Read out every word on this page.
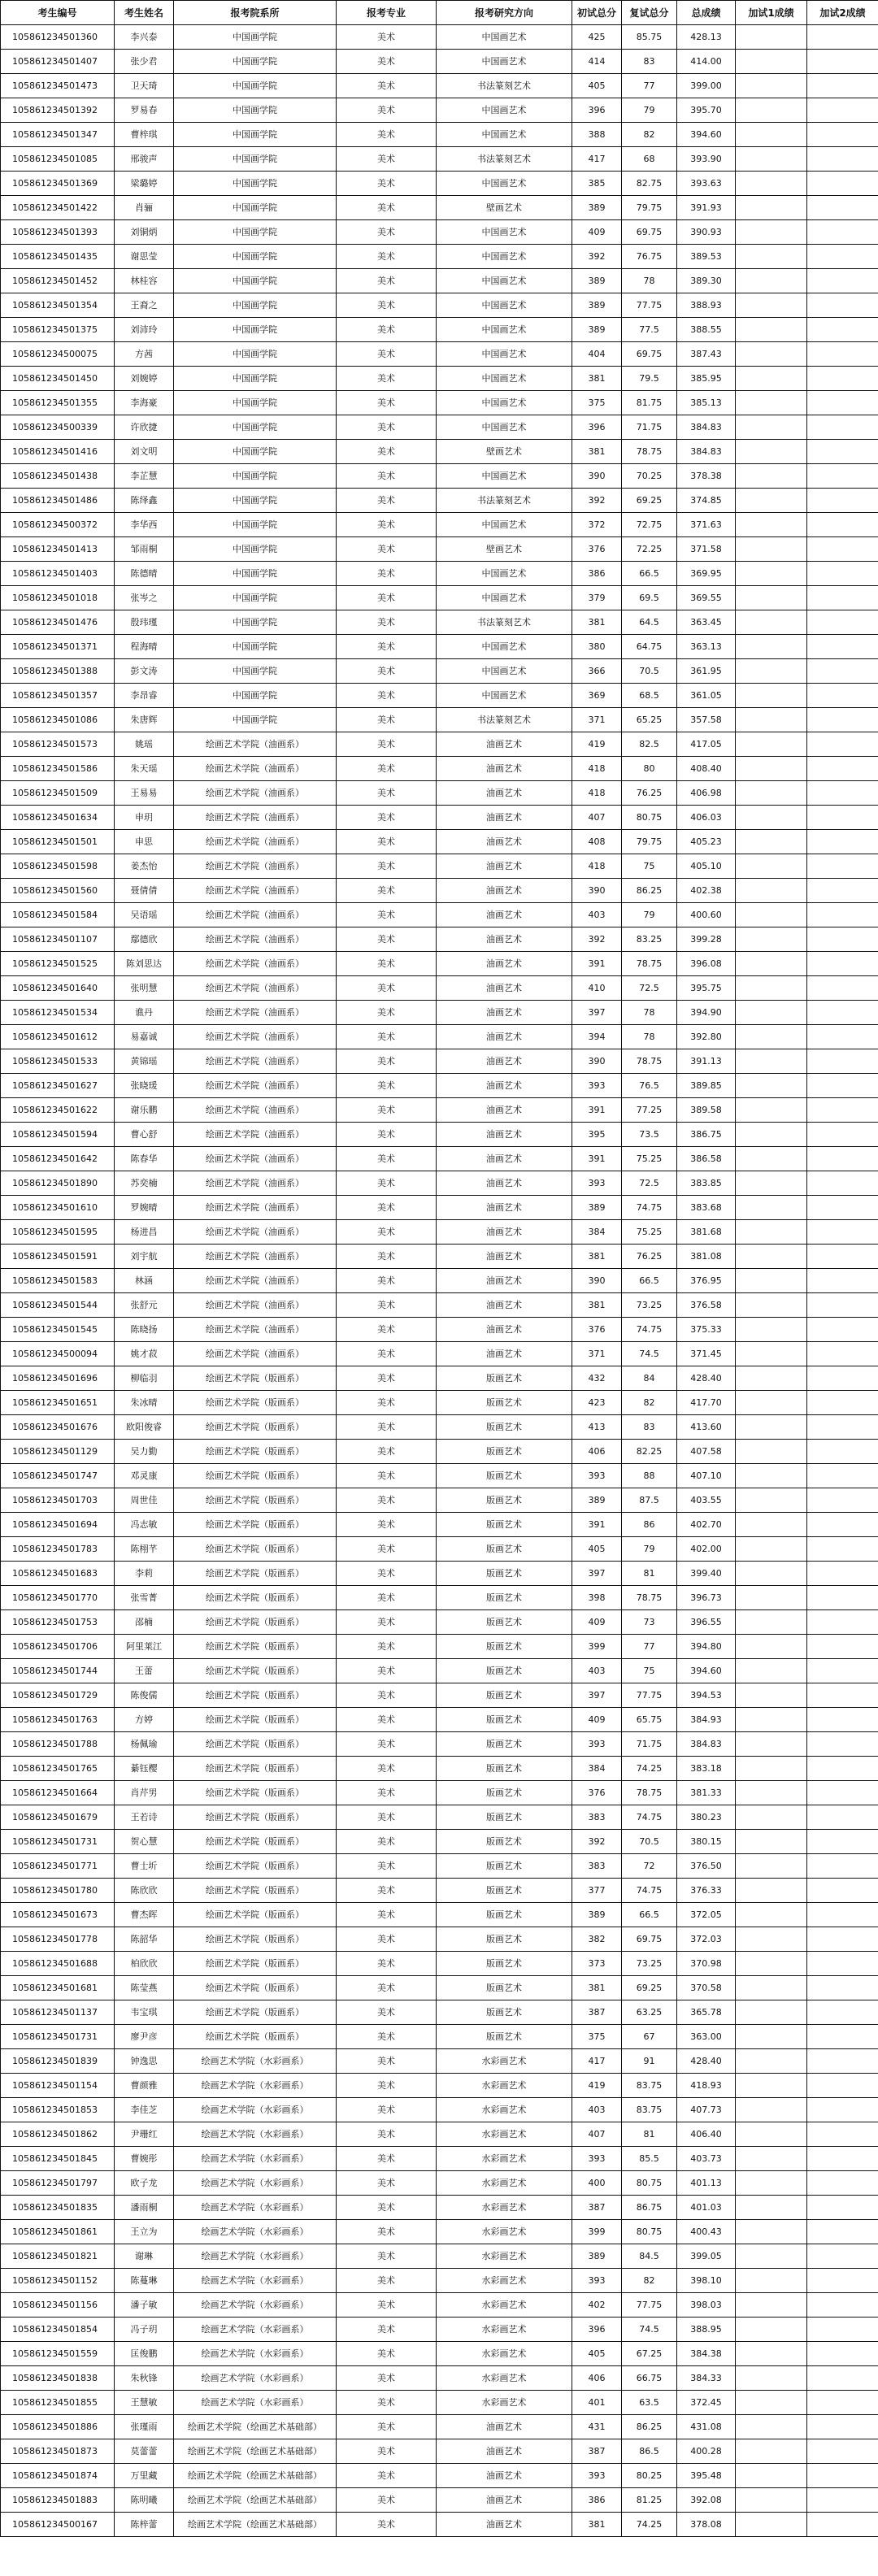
考生编号	考生姓名	报考院系所	报考专业	报考研究方向	初试总分	复试总分	总成绩	加试1成绩	加试2成绩
10586123450136​0	李兴泰	中国画学院	美术	中国画艺术	425	85.75	428.13		
105861234501407	张少君	中国画学院	美术	中国画艺术	414	83	414.00		
105861234501473	卫天琦	中国画学院	美术	书法篆刻艺术	405	77	399.00		
105861234501392	罗易春	中国画学院	美术	中国画艺术	396	79	395.70		
105861234501347	曹梓琪	中国画学院	美术	中国画艺术	388	82	394.60		
105861234501085	邢骏声	中国画学院	美术	书法篆刻艺术	417	68	393.90		
105861234501369	梁璐婷	中国画学院	美术	中国画艺术	385	82.75	393.63		
105861234501422	肖骊	中国画学院	美术	壁画艺术	389	79.75	391.93		
105861234501393	刘铜炳	中国画学院	美术	中国画艺术	409	69.75	390.93		
105861234501435	谢思莹	中国画学院	美术	中国画艺术	392	76.75	389.53		
105861234501452	林桂容	中国画学院	美术	中国画艺术	389	78	389.30		
105861234501354	王裔之	中国画学院	美术	中国画艺术	389	77.75	388.93		
105861234501375	刘沛玲	中国画学院	美术	中国画艺术	389	77.5	388.55		
105861234500075	方茜	中国画学院	美术	中国画艺术	404	69.75	387.43		
105861234501450	刘婉婷	中国画学院	美术	中国画艺术	381	79.5	385.95		
105861234501355	李海豪	中国画学院	美术	中国画艺术	375	81.75	385.13		
105861234500339	许欣捷	中国画学院	美术	中国画艺术	396	71.75	384.83		
105861234501416	刘文明	中国画学院	美术	壁画艺术	381	78.75	384.83		
105861234501438	李芷慧	中国画学院	美术	中国画艺术	390	70.25	378.38		
105861234501486	陈绎鑫	中国画学院	美术	书法篆刻艺术	392	69.25	374.85		
105861234500372	李华西	中国画学院	美术	中国画艺术	372	72.75	371.63		
105861234501413	邹雨桐	中国画学院	美术	壁画艺术	376	72.25	371.58		
105861234501403	陈德晴	中国画学院	美术	中国画艺术	386	66.5	369.95		
105861234501018	张岑之	中国画学院	美术	中国画艺术	379	69.5	369.55		
105861234501476	殷玮瑾	中国画学院	美术	书法篆刻艺术	381	64.5	363.45		
105861234501371	程海晴	中国画学院	美术	中国画艺术	380	64.75	363.13		
105861234501388	彭文涛	中国画学院	美术	中国画艺术	366	70.5	361.95		
105861234501357	李昂睿	中国画学院	美术	中国画艺术	369	68.5	361.05		
105861234501086	朱唐辉	中国画学院	美术	书法篆刻艺术	371	65.25	357.58		
105861234501573	姚瑶	绘画艺术学院（油画系）	美术	油画艺术	419	82.5	417.05		
105861234501586	朱天瑶	绘画艺术学院（油画系）	美术	油画艺术	418	80	408.40		
105861234501509	王易易	绘画艺术学院（油画系）	美术	油画艺术	418	76.25	406.98		
105861234501634	申玥	绘画艺术学院（油画系）	美术	油画艺术	407	80.75	406.03		
105861234501501	申思	绘画艺术学院（油画系）	美术	油画艺术	408	79.75	405.23		
105861234501598	姜杰怡	绘画艺术学院（油画系）	美术	油画艺术	418	75	405.10		
105861234501560	聂倩倩	绘画艺术学院（油画系）	美术	油画艺术	390	86.25	402.38		
105861234501584	吴语瑶	绘画艺术学院（油画系）	美术	油画艺术	403	79	400.60		
105861234501107	鄢德欣	绘画艺术学院（油画系）	美术	油画艺术	392	83.25	399.28		
105861234501525	陈刘思达	绘画艺术学院（油画系）	美术	油画艺术	391	78.75	396.08		
105861234501640	张明慧	绘画艺术学院（油画系）	美术	油画艺术	410	72.5	395.75		
105861234501534	谯丹	绘画艺术学院（油画系）	美术	油画艺术	397	78	394.90		
105861234501612	易嘉诚	绘画艺术学院（油画系）	美术	油画艺术	394	78	392.80		
105861234501533	黄锦瑶	绘画艺术学院（油画系）	美术	油画艺术	390	78.75	391.13		
105861234501627	张晓瑗	绘画艺术学院（油画系）	美术	油画艺术	393	76.5	389.85		
105861234501622	谢乐鹏	绘画艺术学院（油画系）	美术	油画艺术	391	77.25	389.58		
105861234501594	曹心舒	绘画艺术学院（油画系）	美术	油画艺术	395	73.5	386.75		
105861234501642	陈春华	绘画艺术学院（油画系）	美术	油画艺术	391	75.25	386.58		
105861234501890	苏奕楠	绘画艺术学院（油画系）	美术	油画艺术	393	72.5	383.85		
105861234501610	罗婉晴	绘画艺术学院（油画系）	美术	油画艺术	389	74.75	383.68		
105861234501595	杨进昌	绘画艺术学院（油画系）	美术	油画艺术	384	75.25	381.68		
105861234501591	刘宇航	绘画艺术学院（油画系）	美术	油画艺术	381	76.25	381.08		
105861234501583	林涵	绘画艺术学院（油画系）	美术	油画艺术	390	66.5	376.95		
105861234501544	张舒元	绘画艺术学院（油画系）	美术	油画艺术	381	73.25	376.58		
105861234501545	陈晓扬	绘画艺术学院（油画系）	美术	油画艺术	376	74.75	375.33		
105861234500094	姚才菽	绘画艺术学院（油画系）	美术	油画艺术	371	74.5	371.45		
105861234501696	柳临羽	绘画艺术学院（版画系）	美术	版画艺术	432	84	428.40		
105861234501651	朱冰晴	绘画艺术学院（版画系）	美术	版画艺术	423	82	417.70		
105861234501676	欧阳俊睿	绘画艺术学院（版画系）	美术	版画艺术	413	83	413.60		
105861234501129	吴力勤	绘画艺术学院（版画系）	美术	版画艺术	406	82.25	407.58		
105861234501747	邓灵康	绘画艺术学院（版画系）	美术	版画艺术	393	88	407.10		
105861234501703	周世佳	绘画艺术学院（版画系）	美术	版画艺术	389	87.5	403.55		
105861234501694	冯志敏	绘画艺术学院（版画系）	美术	版画艺术	391	86	402.70		
105861234501783	陈栩芊	绘画艺术学院（版画系）	美术	版画艺术	405	79	402.00		
105861234501683	李莉	绘画艺术学院（版画系）	美术	版画艺术	397	81	399.40		
105861234501770	张雪菁	绘画艺术学院（版画系）	美术	版画艺术	398	78.75	396.73		
105861234501753	邵楠	绘画艺术学院（版画系）	美术	版画艺术	409	73	396.55		
105861234501706	阿里莱江	绘画艺术学院（版画系）	美术	版画艺术	399	77	394.80		
105861234501744	王蕾	绘画艺术学院（版画系）	美术	版画艺术	403	75	394.60		
105861234501729	陈俊儒	绘画艺术学院（版画系）	美术	版画艺术	397	77.75	394.53		
105861234501763	方婷	绘画艺术学院（版画系）	美术	版画艺术	409	65.75	384.93		
105861234501788	杨佩瑜	绘画艺术学院（版画系）	美术	版画艺术	393	71.75	384.83		
105861234501765	綦钰樱	绘画艺术学院（版画系）	美术	版画艺术	384	74.25	383.18		
105861234501664	肖芹男	绘画艺术学院（版画系）	美术	版画艺术	376	78.75	381.33		
105861234501679	王若诗	绘画艺术学院（版画系）	美术	版画艺术	383	74.75	380.23		
105861234501731	贺心慧	绘画艺术学院（版画系）	美术	版画艺术	392	70.5	380.15		
105861234501771	曹士圻	绘画艺术学院（版画系）	美术	版画艺术	383	72	376.50		
105861234501780	陈欣欣	绘画艺术学院（版画系）	美术	版画艺术	377	74.75	376.33		
105861234501673	曹杰晖	绘画艺术学院（版画系）	美术	版画艺术	389	66.5	372.05		
105861234501778	陈韶华	绘画艺术学院（版画系）	美术	版画艺术	382	69.75	372.03		
105861234501688	柏欣欣	绘画艺术学院（版画系）	美术	版画艺术	373	73.25	370.98		
105861234501681	陈莹燕	绘画艺术学院（版画系）	美术	版画艺术	381	69.25	370.58		
105861234501137	韦宝琪	绘画艺术学院（版画系）	美术	版画艺术	387	63.25	365.78		
105861234501731	廖尹彦	绘画艺术学院（版画系）	美术	版画艺术	375	67	363.00		
105861234501839	钟逸思	绘画艺术学院（水彩画系）	美术	水彩画艺术	417	91	428.40		
105861234501154	曹颜雅	绘画艺术学院（水彩画系）	美术	水彩画艺术	419	83.75	418.93		
105861234501853	李佳芝	绘画艺术学院（水彩画系）	美术	水彩画艺术	403	83.75	407.73		
105861234501862	尹珊红	绘画艺术学院（水彩画系）	美术	水彩画艺术	407	81	406.40		
105861234501845	曹婉彤	绘画艺术学院（水彩画系）	美术	水彩画艺术	393	85.5	403.73		
105861234501797	欧子龙	绘画艺术学院（水彩画系）	美术	水彩画艺术	400	80.75	401.13		
105861234501835	潘雨桐	绘画艺术学院（水彩画系）	美术	水彩画艺术	387	86.75	401.03		
105861234501861	王立为	绘画艺术学院（水彩画系）	美术	水彩画艺术	399	80.75	400.43		
105861234501821	谢琳	绘画艺术学院（水彩画系）	美术	水彩画艺术	389	84.5	399.05		
105861234501152	陈蔓琳	绘画艺术学院（水彩画系）	美术	水彩画艺术	393	82	398.10		
105861234501156	潘子敏	绘画艺术学院（水彩画系）	美术	水彩画艺术	402	77.75	398.03		
105861234501854	冯子玥	绘画艺术学院（水彩画系）	美术	水彩画艺术	396	74.5	388.95		
105861234501559	匡俊鹏	绘画艺术学院（水彩画系）	美术	水彩画艺术	405	67.25	384.38		
105861234501838	朱秋锋	绘画艺术学院（水彩画系）	美术	水彩画艺术	406	66.75	384.33		
105861234501855	王慧敏	绘画艺术学院（水彩画系）	美术	水彩画艺术	401	63.5	372.45		
105861234501886	张瑾雨	绘画艺术学院（绘画艺术基础部）	美术	油画艺术	431	86.25	431.08		
105861234501873	莫蕾蕾	绘画艺术学院（绘画艺术基础部）	美术	油画艺术	387	86.5	400.28		
105861234501874	万里藏	绘画艺术学院（绘画艺术基础部）	美术	油画艺术	393	80.25	395.48		
105861234501883	陈明曦	绘画艺术学院（绘画艺术基础部）	美术	油画艺术	386	81.25	392.08		
105861234500167	陈梓蕾	绘画艺术学院（绘画艺术基础部）	美术	油画艺术	381	74.25	378.08		
